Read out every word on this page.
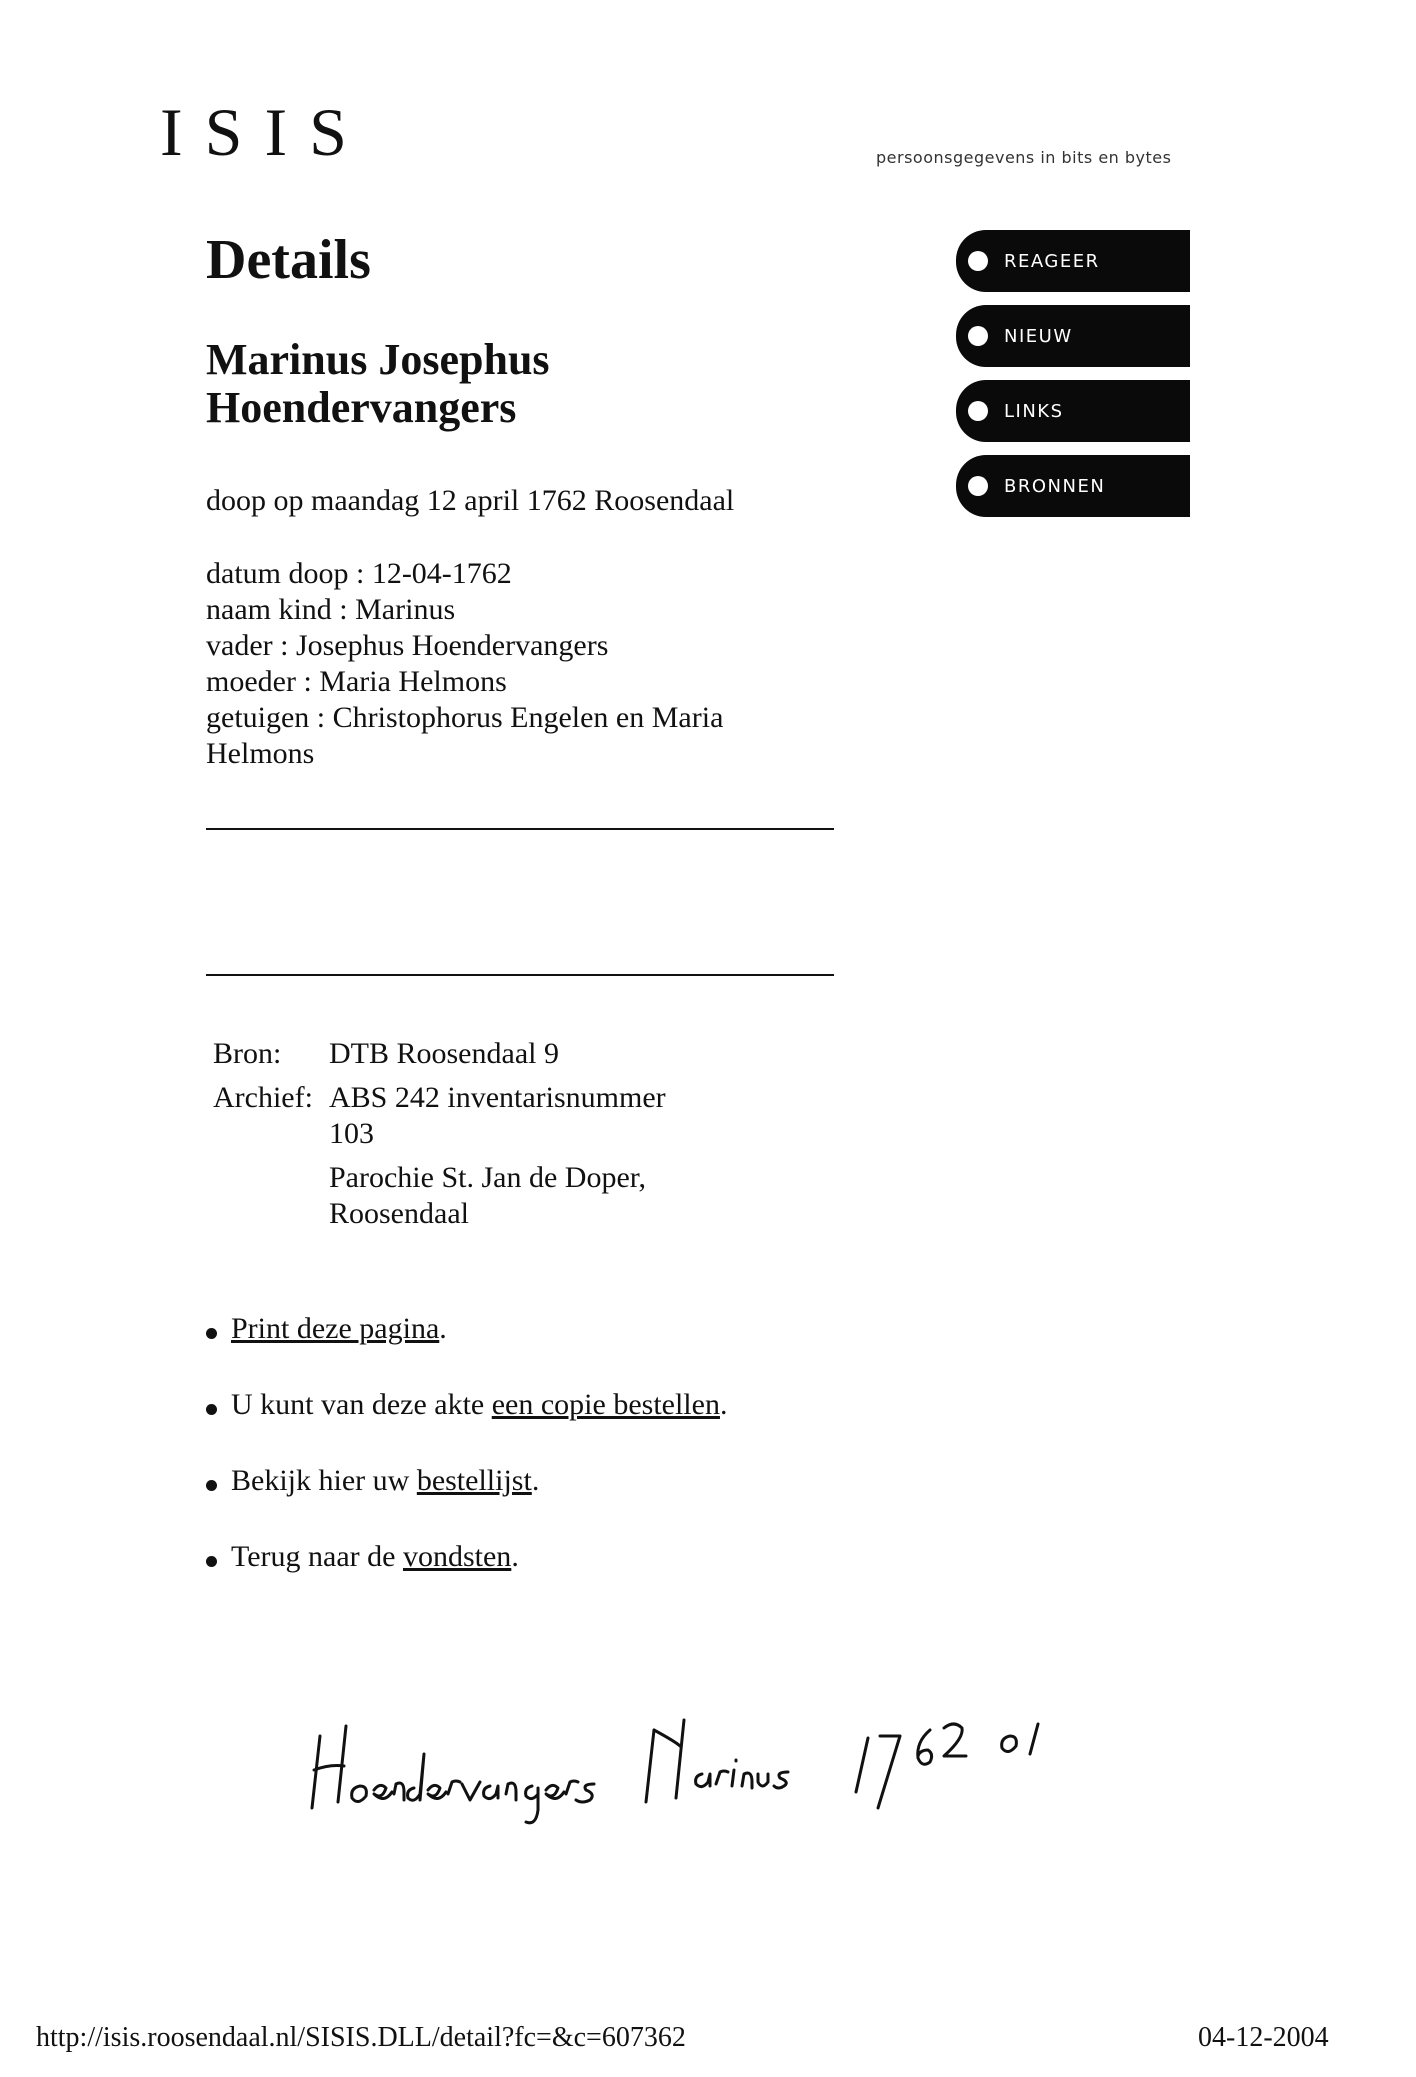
ISIS	persoonsgegevens in bits en bytes
Details
Marinus Josephus
Hoendervangers
doop op maandag 12 april 1762 Roosendaal
datum doop : 12-04-1762
naam kind : Marinus
vader : Josephus Hoendervangers
moeder : Maria Helmons
getuigen : Christophorus Engelen en Maria Helmons
Bron:	DTB Roosendaal 9
Archief:	ABS 242 inventarisnummer 103
	Parochie St. Jan de Doper, Roosendaal
Print deze pagina.
U kunt van deze akte een copie bestellen.
Bekijk hier uw bestellijst.
Terug naar de vondsten.
REAGEER
NIEUW
LINKS
BRONNEN
http://isis.roosendaal.nl/SISIS.DLL/detail?fc=&c=607362	04-12-2004
